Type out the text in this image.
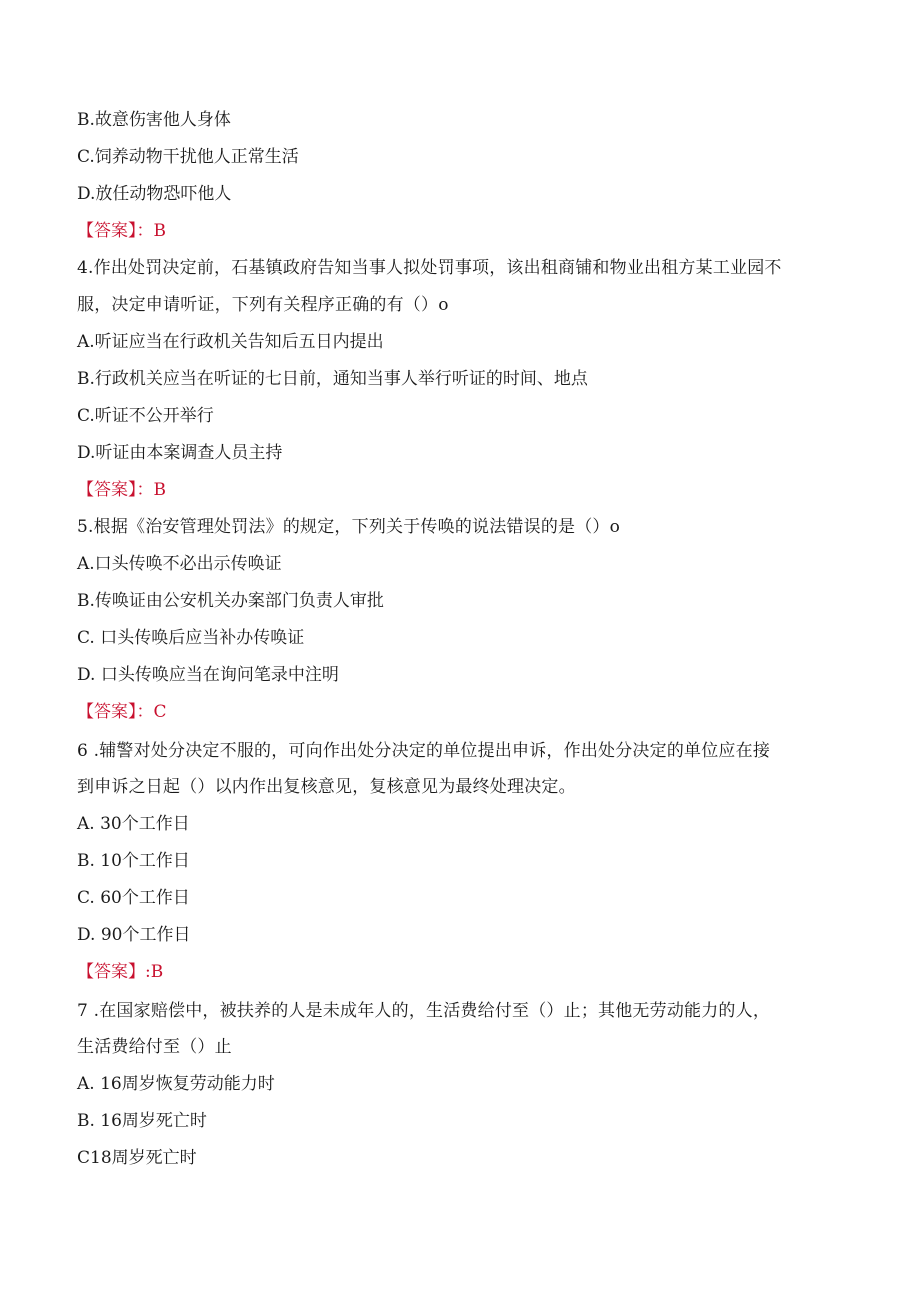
B.故意伤害他人身体
C.饲养动物干扰他人正常生活
D.放任动物恐吓他人
【答案】：B
4.作出处罚决定前，石基镇政府告知当事人拟处罚事项，该出租商铺和物业出租方某工业园不
服，决定申请听证，下列有关程序正确的有（）o
A.听证应当在行政机关告知后五日内提出
B.行政机关应当在听证的七日前，通知当事人举行听证的时间、地点
C.听证不公开举行
D.听证由本案调查人员主持
【答案】：B
5.根据《治安管理处罚法》的规定，下列关于传唤的说法错误的是（）o
A.口头传唤不必出示传唤证
B.传唤证由公安机关办案部门负责人审批
C. 口头传唤后应当补办传唤证
D. 口头传唤应当在询问笔录中注明
【答案】：C
6 .辅警对处分决定不服的，可向作出处分决定的单位提出申诉，作出处分决定的单位应在接
到申诉之日起（）以内作出复核意见，复核意见为最终处理决定。
A. 30个工作日
B. 10个工作日
C. 60个工作日
D. 90个工作日
【答案】:B
7 .在国家赔偿中，被扶养的人是未成年人的，生活费给付至（）止；其他无劳动能力的人，
生活费给付至（）止
A. 16周岁恢复劳动能力时
B. 16周岁死亡时
C18周岁死亡时
